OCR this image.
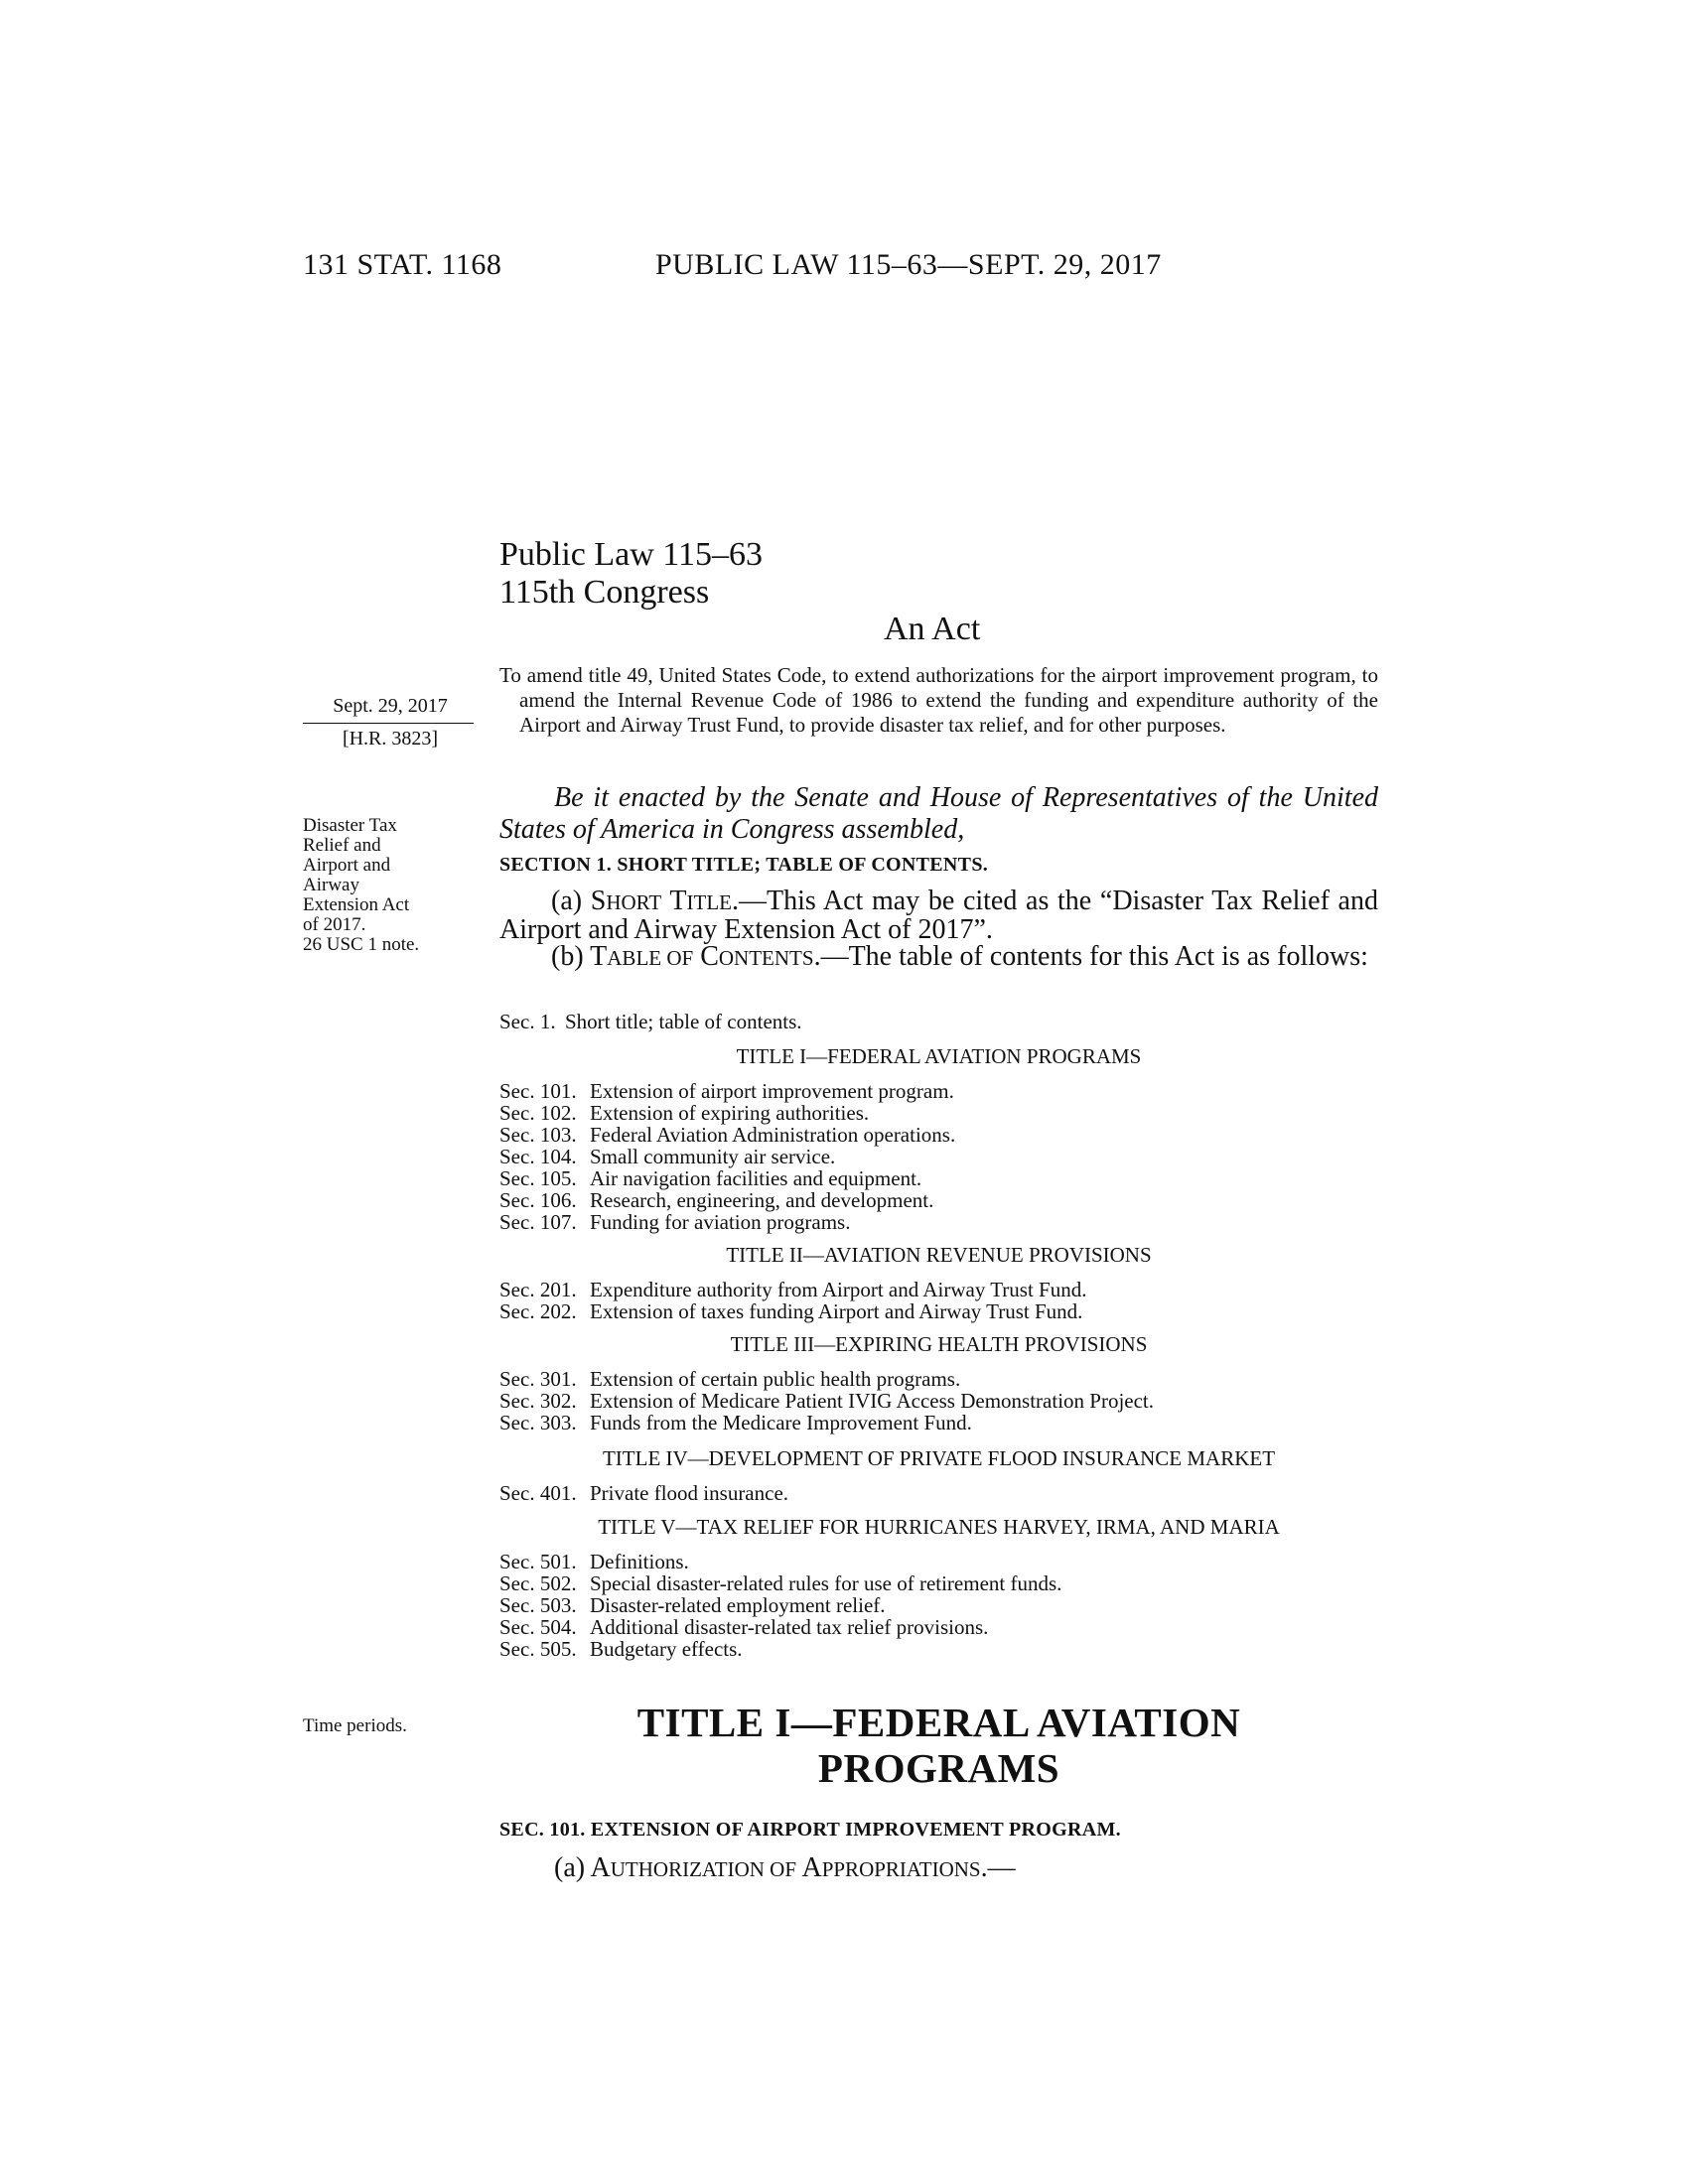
131 STAT. 1168	PUBLIC LAW 115–63—SEPT. 29, 2017
Public Law 115–63
115th Congress
An Act
To amend title 49, United States Code, to extend authorizations for the airport improvement program, to amend the Internal Revenue Code of 1986 to extend the funding and expenditure authority of the Airport and Airway Trust Fund, to provide disaster tax relief, and for other purposes.
Sept. 29, 2017
[H.R. 3823]
Disaster Tax
Relief and
Airport and
Airway
Extension Act
of 2017.
26 USC 1 note.
Time periods.
Be it enacted by the Senate and House of Representatives of the United States of America in Congress assembled,
SECTION 1. SHORT TITLE; TABLE OF CONTENTS.
(a) SHORT TITLE.—This Act may be cited as the “Disaster Tax Relief and Airport and Airway Extension Act of 2017”.
(b) TABLE OF CONTENTS.—The table of contents for this Act is as follows:
Sec. 1. Short title; table of contents.
TITLE I—FEDERAL AVIATION PROGRAMS
Sec. 101. Extension of airport improvement program.
Sec. 102. Extension of expiring authorities.
Sec. 103. Federal Aviation Administration operations.
Sec. 104. Small community air service.
Sec. 105. Air navigation facilities and equipment.
Sec. 106. Research, engineering, and development.
Sec. 107. Funding for aviation programs.
TITLE II—AVIATION REVENUE PROVISIONS
Sec. 201. Expenditure authority from Airport and Airway Trust Fund.
Sec. 202. Extension of taxes funding Airport and Airway Trust Fund.
TITLE III—EXPIRING HEALTH PROVISIONS
Sec. 301. Extension of certain public health programs.
Sec. 302. Extension of Medicare Patient IVIG Access Demonstration Project.
Sec. 303. Funds from the Medicare Improvement Fund.
TITLE IV—DEVELOPMENT OF PRIVATE FLOOD INSURANCE MARKET
Sec. 401. Private flood insurance.
TITLE V—TAX RELIEF FOR HURRICANES HARVEY, IRMA, AND MARIA
Sec. 501. Definitions.
Sec. 502. Special disaster-related rules for use of retirement funds.
Sec. 503. Disaster-related employment relief.
Sec. 504. Additional disaster-related tax relief provisions.
Sec. 505. Budgetary effects.
TITLE I—FEDERAL AVIATION
PROGRAMS
SEC. 101. EXTENSION OF AIRPORT IMPROVEMENT PROGRAM.
(a) AUTHORIZATION OF APPROPRIATIONS.—
